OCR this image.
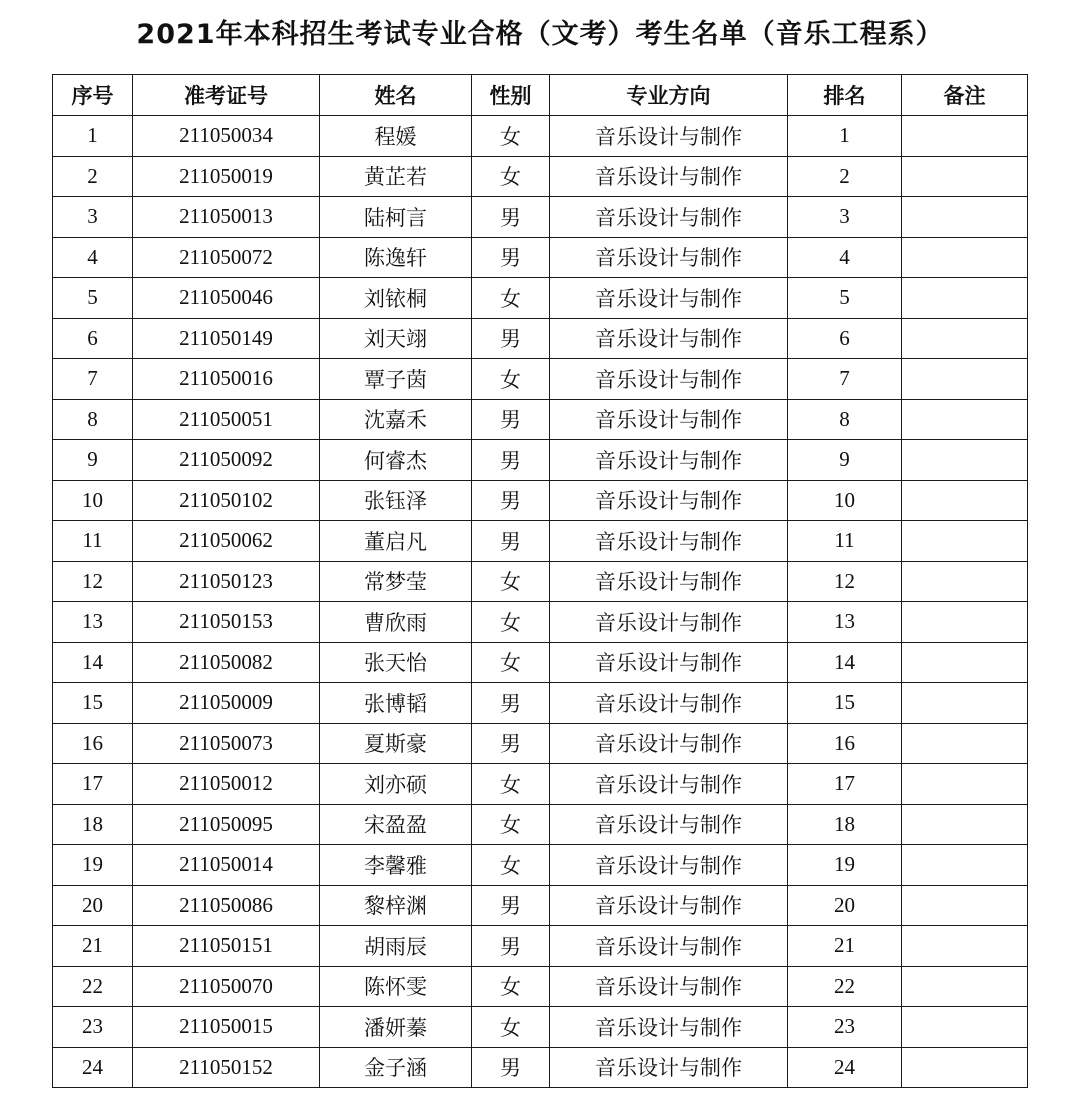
2021年本科招生考试专业合格（文考）考生名单（音乐工程系）
序号	准考证号	姓名	性别	专业方向	排名	备注
1	211050034	程媛	女	音乐设计与制作	1	
2	211050019	黄芷若	女	音乐设计与制作	2	
3	211050013	陆柯言	男	音乐设计与制作	3	
4	211050072	陈逸轩	男	音乐设计与制作	4	
5	211050046	刘铱桐	女	音乐设计与制作	5	
6	211050149	刘天翊	男	音乐设计与制作	6	
7	211050016	覃子茵	女	音乐设计与制作	7	
8	211050051	沈嘉禾	男	音乐设计与制作	8	
9	211050092	何睿杰	男	音乐设计与制作	9	
10	211050102	张钰泽	男	音乐设计与制作	10	
11	211050062	董启凡	男	音乐设计与制作	11	
12	211050123	常梦莹	女	音乐设计与制作	12	
13	211050153	曹欣雨	女	音乐设计与制作	13	
14	211050082	张天怡	女	音乐设计与制作	14	
15	211050009	张博韬	男	音乐设计与制作	15	
16	211050073	夏斯豪	男	音乐设计与制作	16	
17	211050012	刘亦硕	女	音乐设计与制作	17	
18	211050095	宋盈盈	女	音乐设计与制作	18	
19	211050014	李馨雅	女	音乐设计与制作	19	
20	211050086	黎梓渊	男	音乐设计与制作	20	
21	211050151	胡雨辰	男	音乐设计与制作	21	
22	211050070	陈怀雯	女	音乐设计与制作	22	
23	211050015	潘妍蓁	女	音乐设计与制作	23	
24	211050152	金子涵	男	音乐设计与制作	24	
